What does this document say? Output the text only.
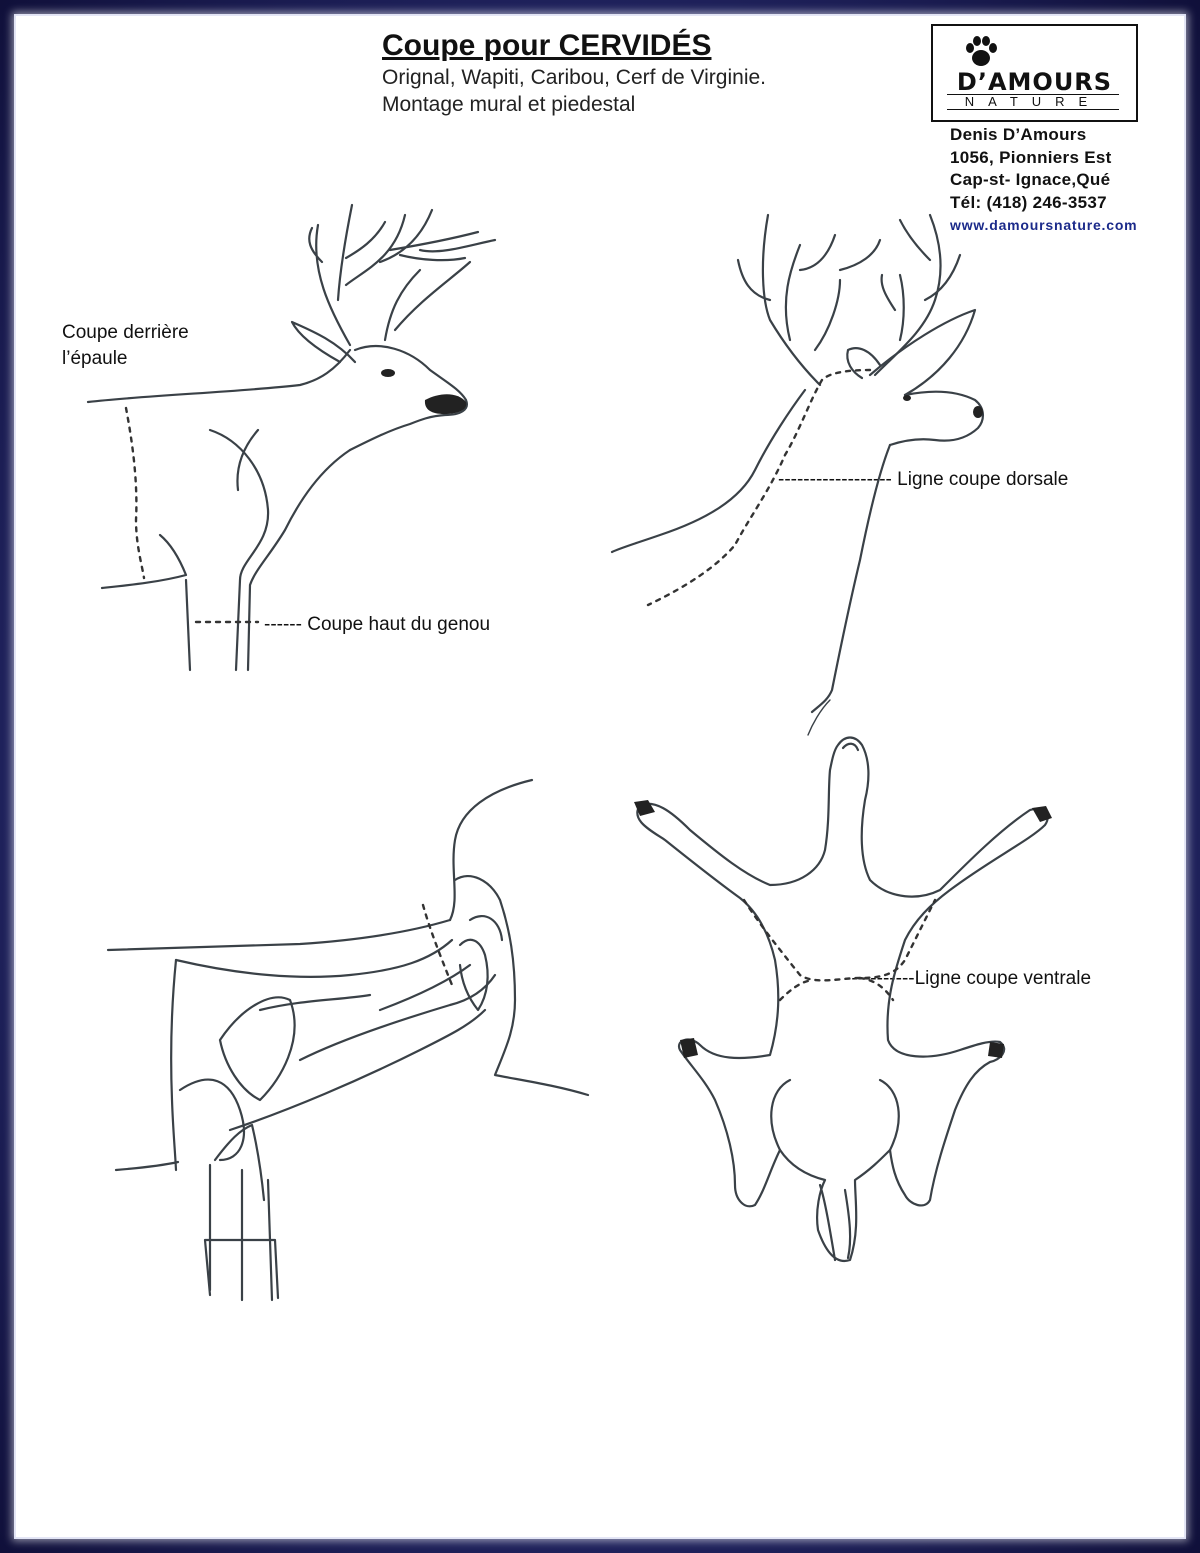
Coupe pour CERVIDÉS
Orignal, Wapiti, Caribou, Cerf de Virginie.
Montage mural et piedestal
D’AMOURS
NATURE
Denis D’Amours
1056, Pionniers Est
Cap-st- Ignace,Qué
Tél: (418) 246-3537
www.damoursnature.com
Coupe derrière
l’épaule
------ Coupe haut du genou
------------------ Ligne coupe dorsale
-----------Ligne coupe ventrale
